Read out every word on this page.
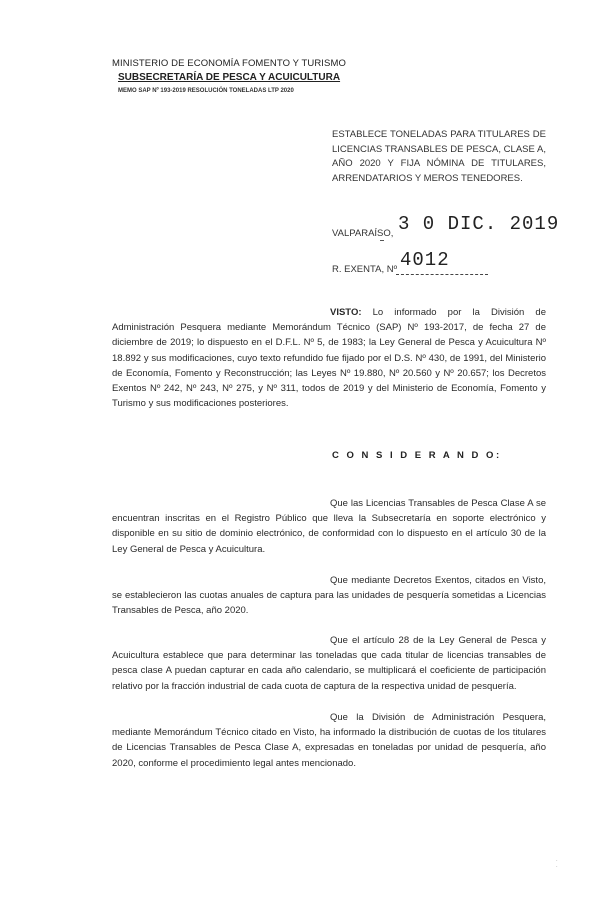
MINISTERIO DE ECONOMÍA FOMENTO Y TURISMO
SUBSECRETARÍA DE PESCA Y ACUICULTURA
MEMO SAP Nº 193-2019 RESOLUCIÓN TONELADAS LTP 2020
ESTABLECE TONELADAS PARA TITULARES DE LICENCIAS TRANSABLES DE PESCA, CLASE A, AÑO 2020 Y FIJA NÓMINA DE TITULARES, ARRENDATARIOS Y MEROS TENEDORES.
VALPARAÍSO, 3 0 DIC. 2019
R. EXENTA, Nº 4012
VISTO: Lo informado por la División de Administración Pesquera mediante Memorándum Técnico (SAP) Nº 193-2017, de fecha 27 de diciembre de 2019; lo dispuesto en el D.F.L. Nº 5, de 1983; la Ley General de Pesca y Acuicultura Nº 18.892 y sus modificaciones, cuyo texto refundido fue fijado por el D.S. Nº 430, de 1991, del Ministerio de Economía, Fomento y Reconstrucción; las Leyes Nº 19.880, Nº 20.560 y Nº 20.657; los Decretos Exentos Nº 242, Nº 243, Nº 275, y Nº 311, todos de 2019 y del Ministerio de Economía, Fomento y Turismo y sus modificaciones posteriores.
C O N S I D E R A N D O:
Que las Licencias Transables de Pesca Clase A se encuentran inscritas en el Registro Público que lleva la Subsecretaría en soporte electrónico y disponible en su sitio de dominio electrónico, de conformidad con lo dispuesto en el artículo 30 de la Ley General de Pesca y Acuicultura.
Que mediante Decretos Exentos, citados en Visto, se establecieron las cuotas anuales de captura para las unidades de pesquería sometidas a Licencias Transables de Pesca, año 2020.
Que el artículo 28 de la Ley General de Pesca y Acuicultura establece que para determinar las toneladas que cada titular de licencias transables de pesca clase A puedan capturar en cada año calendario, se multiplicará el coeficiente de participación relativo por la fracción industrial de cada cuota de captura de la respectiva unidad de pesquería.
Que la División de Administración Pesquera, mediante Memorándum Técnico citado en Visto, ha informado la distribución de cuotas de los titulares de Licencias Transables de Pesca Clase A, expresadas en toneladas por unidad de pesquería, año 2020, conforme el procedimiento legal antes mencionado.
·
·
